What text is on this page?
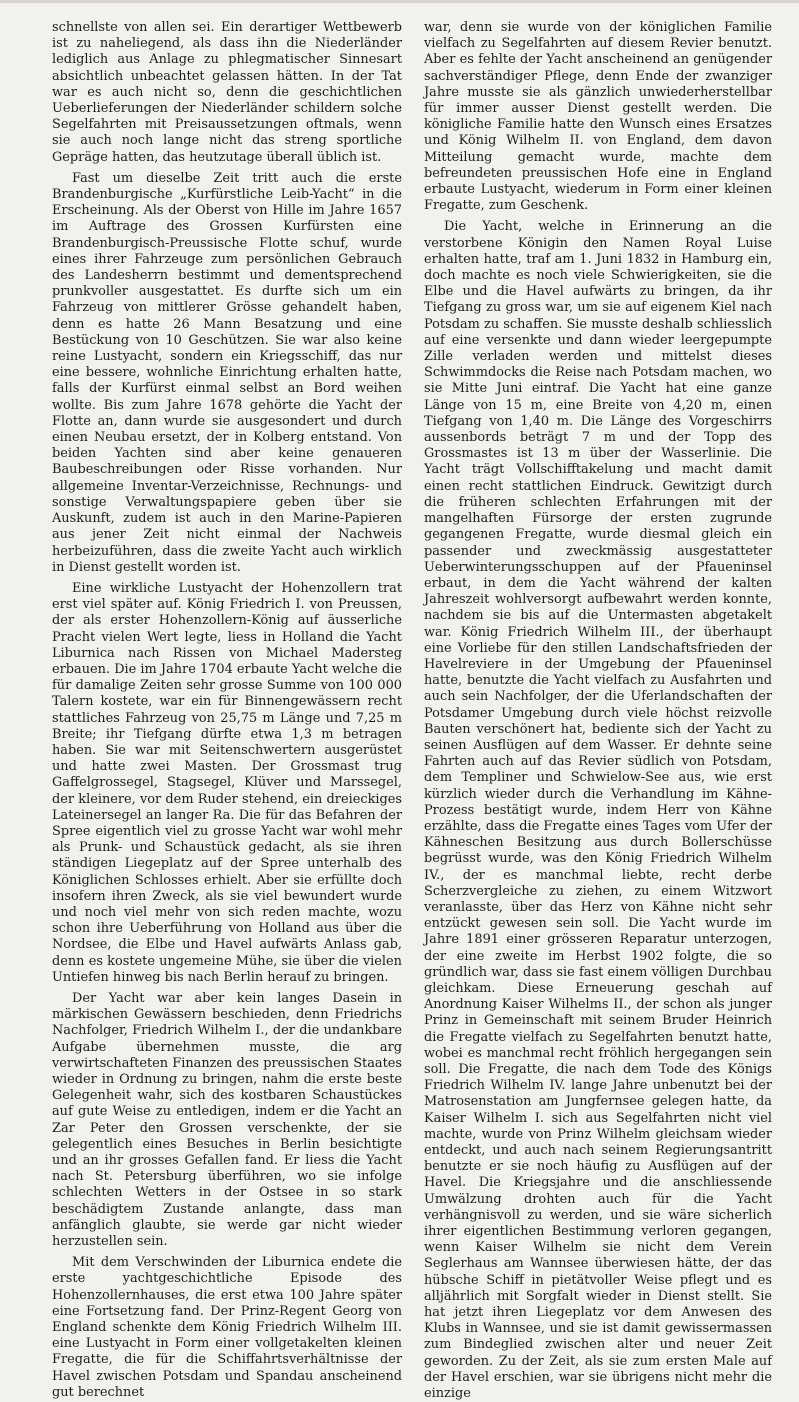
schnellste von allen sei. Ein derartiger Wettbewerb ist zu naheliegend, als dass ihn die Niederländer lediglich aus Anlage zu phlegmatischer Sinnesart absichtlich unbeachtet gelassen hätten. In der Tat war es auch nicht so, denn die geschichtlichen Ueberlieferungen der Niederländer schildern solche Segelfahrten mit Preisaussetzungen oftmals, wenn sie auch noch lange nicht das streng sportliche Gepräge hatten, das heutzutage überall üblich ist.

Fast um dieselbe Zeit tritt auch die erste Brandenburgische „Kurfürstliche Leib-Yacht“ in die Erscheinung. Als der Oberst von Hille im Jahre 1657 im Auftrage des Grossen Kurfürsten eine Brandenburgisch-Preussische Flotte schuf, wurde eines ihrer Fahrzeuge zum persönlichen Gebrauch des Landesherrn bestimmt und dementsprechend prunkvoller ausgestattet. Es durfte sich um ein Fahrzeug von mittlerer Grösse gehandelt haben, denn es hatte 26 Mann Besatzung und eine Bestückung von 10 Geschützen. Sie war also keine reine Lustyacht, sondern ein Kriegsschiff, das nur eine bessere, wohnliche Einrichtung erhalten hatte, falls der Kurfürst einmal selbst an Bord weihen wollte. Bis zum Jahre 1678 gehörte die Yacht der Flotte an, dann wurde sie ausgesondert und durch einen Neubau ersetzt, der in Kolberg entstand. Von beiden Yachten sind aber keine genaueren Baubeschreibungen oder Risse vorhanden. Nur allgemeine Inventar-Verzeichnisse, Rechnungs- und sonstige Verwaltungspapiere geben über sie Auskunft, zudem ist auch in den Marine-Papieren aus jener Zeit nicht einmal der Nachweis herbeizuführen, dass die zweite Yacht auch wirklich in Dienst gestellt worden ist.

Eine wirkliche Lustyacht der Hohenzollern trat erst viel später auf. König Friedrich I. von Preussen, der als erster Hohenzollern-König auf äusserliche Pracht vielen Wert legte, liess in Holland die Yacht Liburnica nach Rissen von Michael Madersteg erbauen. Die im Jahre 1704 erbaute Yacht welche die für damalige Zeiten sehr grosse Summe von 100 000 Talern kostete, war ein für Binnengewässern recht stattliches Fahrzeug von 25,75 m Länge und 7,25 m Breite; ihr Tiefgang dürfte etwa 1,3 m betragen haben. Sie war mit Seitenschwertern ausgerüstet und hatte zwei Masten. Der Grossmast trug Gaffelgrossegel, Stagsegel, Klüver und Marssegel, der kleinere, vor dem Ruder stehend, ein dreieckiges Lateinersegel an langer Ra. Die für das Befahren der Spree eigentlich viel zu grosse Yacht war wohl mehr als Prunk- und Schaustück gedacht, als sie ihren ständigen Liegeplatz auf der Spree unterhalb des Königlichen Schlosses erhielt. Aber sie erfüllte doch insofern ihren Zweck, als sie viel bewundert wurde und noch viel mehr von sich reden machte, wozu schon ihre Ueberführung von Holland aus über die Nordsee, die Elbe und Havel aufwärts Anlass gab, denn es kostete ungemeine Mühe, sie über die vielen Untiefen hinweg bis nach Berlin herauf zu bringen.

Der Yacht war aber kein langes Dasein in märkischen Gewässern beschieden, denn Friedrichs Nachfolger, Friedrich Wilhelm I., der die undankbare Aufgabe übernehmen musste, die arg verwirtschafteten Finanzen des preussischen Staates wieder in Ordnung zu bringen, nahm die erste beste Gelegenheit wahr, sich des kostbaren Schaustückes auf gute Weise zu entledigen, indem er die Yacht an Zar Peter den Grossen verschenkte, der sie gelegentlich eines Besuches in Berlin besichtigte und an ihr grosses Gefallen fand. Er liess die Yacht nach St. Petersburg überführen, wo sie infolge schlechten Wetters in der Ostsee in so stark beschädigtem Zustande anlangte, dass man anfänglich glaubte, sie werde gar nicht wieder herzustellen sein.

Mit dem Verschwinden der Liburnica endete die erste yachtgeschichtliche Episode des Hohenzollernhauses, die erst etwa 100 Jahre später eine Fortsetzung fand. Der Prinz-Regent Georg von England schenkte dem König Friedrich Wilhelm III. eine Lustyacht in Form einer vollgetakelten kleinen Fregatte, die für die Schiffahrtsverhältnisse der Havel zwischen Potsdam und Spandau anscheinend gut berechnet

war, denn sie wurde von der königlichen Familie vielfach zu Segelfahrten auf diesem Revier benutzt. Aber es fehlte der Yacht anscheinend an genügender sachverständiger Pflege, denn Ende der zwanziger Jahre musste sie als gänzlich unwiederherstellbar für immer ausser Dienst gestellt werden. Die königliche Familie hatte den Wunsch eines Ersatzes und König Wilhelm II. von England, dem davon Mitteilung gemacht wurde, machte dem befreundeten preussischen Hofe eine in England erbaute Lustyacht, wiederum in Form einer kleinen Fregatte, zum Geschenk.

Die Yacht, welche in Erinnerung an die verstorbene Königin den Namen Royal Luise erhalten hatte, traf am 1. Juni 1832 in Hamburg ein, doch machte es noch viele Schwierigkeiten, sie die Elbe und die Havel aufwärts zu bringen, da ihr Tiefgang zu gross war, um sie auf eigenem Kiel nach Potsdam zu schaffen. Sie musste deshalb schliesslich auf eine versenkte und dann wieder leergepumpte Zille verladen werden und mittelst dieses Schwimmdocks die Reise nach Potsdam machen, wo sie Mitte Juni eintraf. Die Yacht hat eine ganze Länge von 15 m, eine Breite von 4,20 m, einen Tiefgang von 1,40 m. Die Länge des Vorgeschirrs aussenbords beträgt 7 m und der Topp des Grossmastes ist 13 m über der Wasserlinie. Die Yacht trägt Vollschifftakelung und macht damit einen recht stattlichen Eindruck. Gewitzigt durch die früheren schlechten Erfahrungen mit der mangelhaften Fürsorge der ersten zugrunde gegangenen Fregatte, wurde diesmal gleich ein passender und zweckmässig ausgestatteter Ueberwinterungsschuppen auf der Pfaueninsel erbaut, in dem die Yacht während der kalten Jahreszeit wohlversorgt aufbewahrt werden konnte, nachdem sie bis auf die Untermasten abgetakelt war. König Friedrich Wilhelm III., der überhaupt eine Vorliebe für den stillen Landschaftsfrieden der Havelreviere in der Umgebung der Pfaueninsel hatte, benutzte die Yacht vielfach zu Ausfahrten und auch sein Nachfolger, der die Uferlandschaften der Potsdamer Umgebung durch viele höchst reizvolle Bauten verschönert hat, bediente sich der Yacht zu seinen Ausflügen auf dem Wasser. Er dehnte seine Fahrten auch auf das Revier südlich von Potsdam, dem Templiner und Schwielow-See aus, wie erst kürzlich wieder durch die Verhandlung im Kähne-Prozess bestätigt wurde, indem Herr von Kähne erzählte, dass die Fregatte eines Tages vom Ufer der Kähneschen Besitzung aus durch Bollerschüsse begrüsst wurde, was den König Friedrich Wilhelm IV., der es manchmal liebte, recht derbe Scherzvergleiche zu ziehen, zu einem Witzwort veranlasste, über das Herz von Kähne nicht sehr entzückt gewesen sein soll. Die Yacht wurde im Jahre 1891 einer grösseren Reparatur unterzogen, der eine zweite im Herbst 1902 folgte, die so gründlich war, dass sie fast einem völligen Durchbau gleichkam. Diese Erneuerung geschah auf Anordnung Kaiser Wilhelms II., der schon als junger Prinz in Gemeinschaft mit seinem Bruder Heinrich die Fregatte vielfach zu Segelfahrten benutzt hatte, wobei es manchmal recht fröhlich hergegangen sein soll. Die Fregatte, die nach dem Tode des Königs Friedrich Wilhelm IV. lange Jahre unbenutzt bei der Matrosenstation am Jungfernsee gelegen hatte, da Kaiser Wilhelm I. sich aus Segelfahrten nicht viel machte, wurde von Prinz Wilhelm gleichsam wieder entdeckt, und auch nach seinem Regierungsantritt benutzte er sie noch häufig zu Ausflügen auf der Havel. Die Kriegsjahre und die anschliessende Umwälzung drohten auch für die Yacht verhängnisvoll zu werden, und sie wäre sicherlich ihrer eigentlichen Bestimmung verloren gegangen, wenn Kaiser Wilhelm sie nicht dem Verein Seglerhaus am Wannsee überwiesen hätte, der das hübsche Schiff in pietätvoller Weise pflegt und es alljährlich mit Sorgfalt wieder in Dienst stellt. Sie hat jetzt ihren Liegeplatz vor dem Anwesen des Klubs in Wannsee, und sie ist damit gewissermassen zum Bindeglied zwischen alter und neuer Zeit geworden. Zu der Zeit, als sie zum ersten Male auf der Havel erschien, war sie übrigens nicht mehr die einzige
